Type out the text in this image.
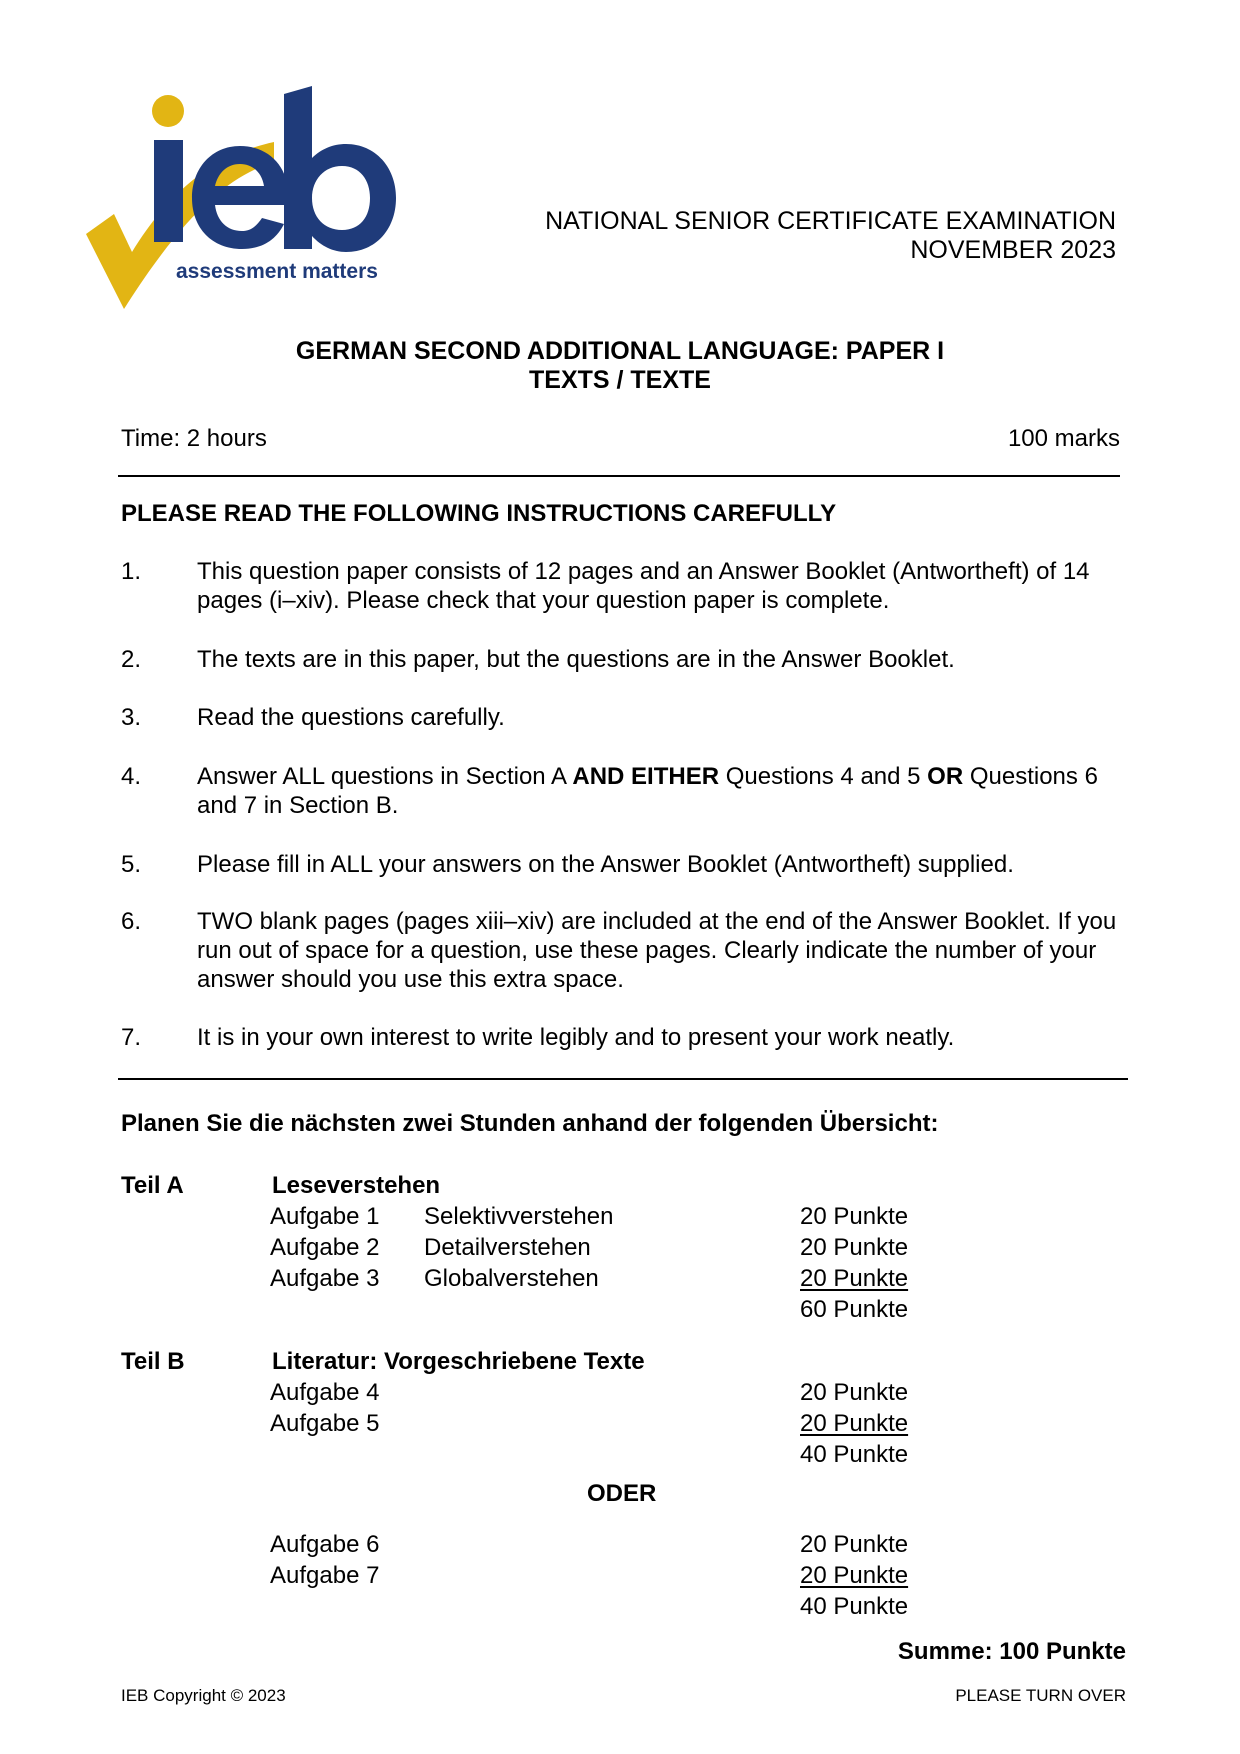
assessment matters
NATIONAL SENIOR CERTIFICATE EXAMINATION
NOVEMBER 2023
GERMAN SECOND ADDITIONAL LANGUAGE: PAPER I
TEXTS / TEXTE
Time: 2 hours	100 marks
PLEASE READ THE FOLLOWING INSTRUCTIONS CAREFULLY
1. This question paper consists of 12 pages and an Answer Booklet (Antwortheft) of 14 pages (i–xiv). Please check that your question paper is complete.
2. The texts are in this paper, but the questions are in the Answer Booklet.
3. Read the questions carefully.
4. Answer ALL questions in Section A AND EITHER Questions 4 and 5 OR Questions 6 and 7 in Section B.
5. Please fill in ALL your answers on the Answer Booklet (Antwortheft) supplied.
6. TWO blank pages (pages xiii–xiv) are included at the end of the Answer Booklet. If you run out of space for a question, use these pages. Clearly indicate the number of your answer should you use this extra space.
7. It is in your own interest to write legibly and to present your work neatly.
Planen Sie die nächsten zwei Stunden anhand der folgenden Übersicht:
Teil A	Leseverstehen
Aufgabe 1 Selektivverstehen	20 Punkte
Aufgabe 2 Detailverstehen	20 Punkte
Aufgabe 3 Globalverstehen	20 Punkte
60 Punkte
Teil B	Literatur: Vorgeschriebene Texte
Aufgabe 4	20 Punkte
Aufgabe 5	20 Punkte
40 Punkte
ODER
Aufgabe 6	20 Punkte
Aufgabe 7	20 Punkte
40 Punkte
Summe: 100 Punkte
IEB Copyright © 2023	PLEASE TURN OVER
